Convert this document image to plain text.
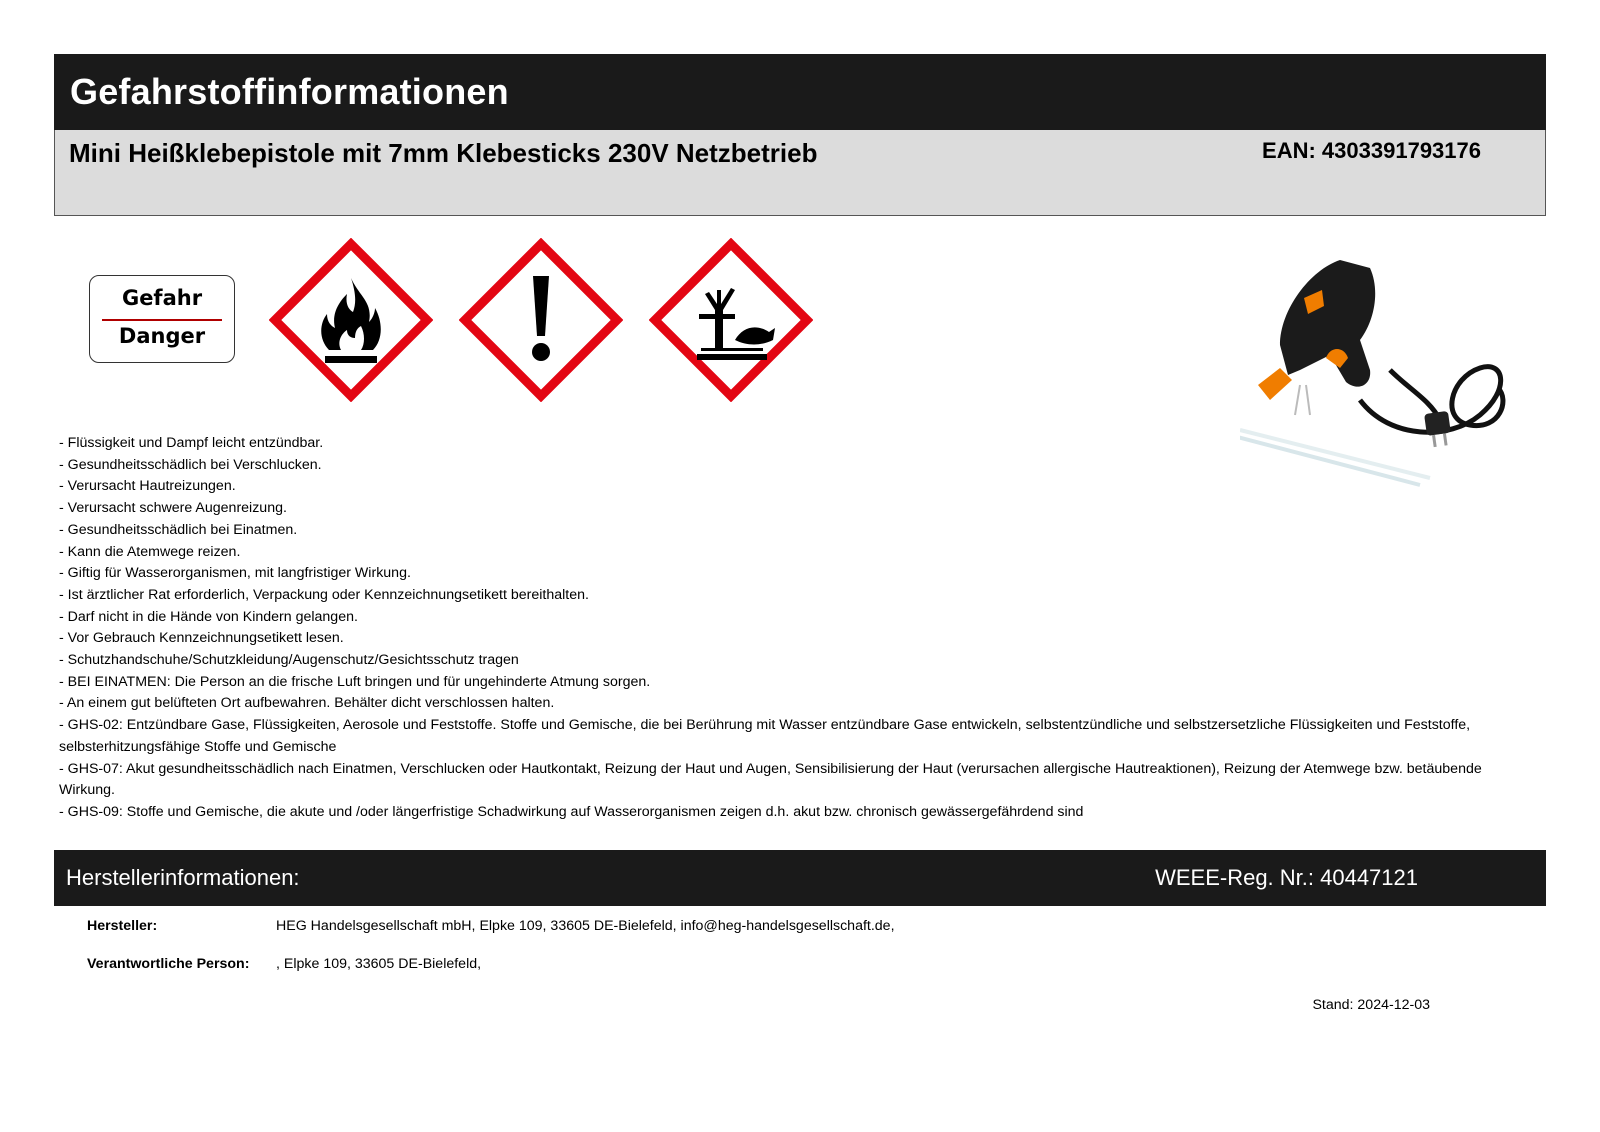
Gefahrstoffinformationen
Mini Heißklebepistole mit 7mm Klebesticks 230V Netzbetrieb	EAN: 4303391793176
Gefahr
Danger
- Flüssigkeit und Dampf leicht entzündbar.
- Gesundheitsschädlich bei Verschlucken.
- Verursacht Hautreizungen.
- Verursacht schwere Augenreizung.
- Gesundheitsschädlich bei Einatmen.
- Kann die Atemwege reizen.
- Giftig für Wasserorganismen, mit langfristiger Wirkung.
- Ist ärztlicher Rat erforderlich, Verpackung oder Kennzeichnungsetikett bereithalten.
- Darf nicht in die Hände von Kindern gelangen.
- Vor Gebrauch Kennzeichnungsetikett lesen.
- Schutzhandschuhe/Schutzkleidung/Augenschutz/Gesichtsschutz tragen
- BEI EINATMEN: Die Person an die frische Luft bringen und für ungehinderte Atmung sorgen.
- An einem gut belüfteten Ort aufbewahren. Behälter dicht verschlossen halten.
- GHS-02: Entzündbare Gase, Flüssigkeiten, Aerosole und Feststoffe. Stoffe und Gemische, die bei Berührung mit Wasser entzündbare Gase entwickeln, selbstentzündliche und selbstzersetzliche Flüssigkeiten und Feststoffe, selbsterhitzungsfähige Stoffe und Gemische
- GHS-07: Akut gesundheitsschädlich nach Einatmen, Verschlucken oder Hautkontakt, Reizung der Haut und Augen, Sensibilisierung der Haut (verursachen allergische Hautreaktionen), Reizung der Atemwege bzw. betäubende Wirkung.
- GHS-09: Stoffe und Gemische, die akute und /oder längerfristige Schadwirkung auf Wasserorganismen zeigen d.h. akut bzw. chronisch gewässergefährdend sind
Herstellerinformationen:	WEEE-Reg. Nr.: 40447121
Hersteller:	HEG Handelsgesellschaft mbH, Elpke 109, 33605 DE-Bielefeld, info@heg-handelsgesellschaft.de,
Verantwortliche Person: , Elpke 109, 33605 DE-Bielefeld,
Stand: 2024-12-03
